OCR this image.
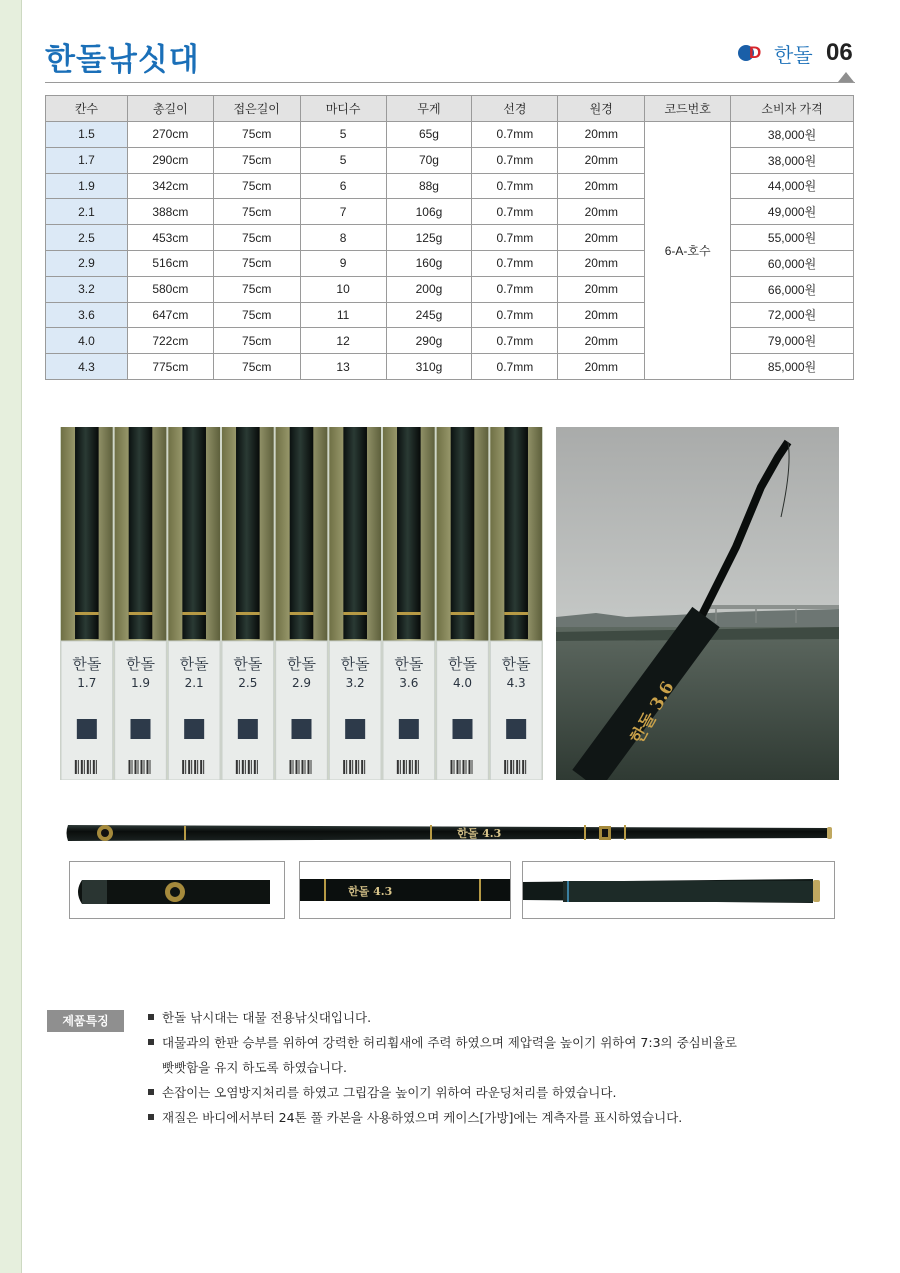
한돌낚싯대	D 한돌 06
칸수	총길이	접은길이	마디수	무게	선경	원경	코드번호	소비자 가격
1.5	270cm	75cm	5	65g	0.7mm	20mm	6-A-호수	38,000원
1.7	290cm	75cm	5	70g	0.7mm	20mm		38,000원
1.9	342cm	75cm	6	88g	0.7mm	20mm		44,000원
2.1	388cm	75cm	7	106g	0.7mm	20mm		49,000원
2.5	453cm	75cm	8	125g	0.7mm	20mm		55,000원
2.9	516cm	75cm	9	160g	0.7mm	20mm		60,000원
3.2	580cm	75cm	10	200g	0.7mm	20mm		66,000원
3.6	647cm	75cm	11	245g	0.7mm	20mm		72,000원
4.0	722cm	75cm	12	290g	0.7mm	20mm		79,000원
4.3	775cm	75cm	13	310g	0.7mm	20mm		85,000원
한돌
1.7
한돌
1.9
한돌
2.1
한돌
2.5
한돌
2.9
한돌
3.2
한돌
3.6
한돌
4.0
한돌
4.3	한돌 3.6
한돌 4.3
한돌 4.3
제품특징	한돌 낚시대는 대물 전용낚싯대입니다.
대물과의 한판 승부를 위하여 강력한 허리휨새에 주력 하였으며 제압력을 높이기 위하여 7:3의 중심비율로
빳빳함을 유지 하도록 하였습니다.
손잡이는 오염방지처리를 하였고 그립감을 높이기 위하여 라운딩처리를 하였습니다.
재질은 바디에서부터 24톤 풀 카본을 사용하였으며 케이스[가방]에는 계측자를 표시하였습니다.
